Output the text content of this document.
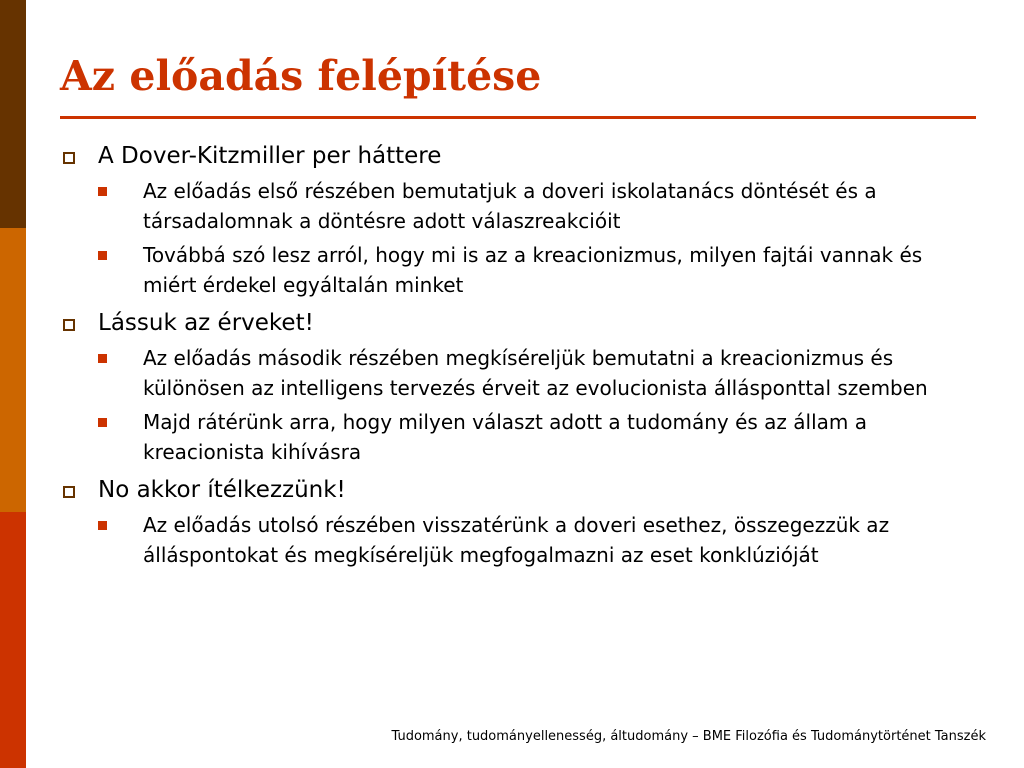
Az előadás felépítése
A Dover-Kitzmiller per háttere
Az előadás első részében bemutatjuk a doveri iskolatanács döntését és a társadalomnak a döntésre adott válaszreakcióit
Továbbá szó lesz arról, hogy mi is az a kreacionizmus, milyen fajtái vannak és miért érdekel egyáltalán minket
Lássuk az érveket!
Az előadás második részében megkíséreljük bemutatni a kreacionizmus és különösen az intelligens tervezés érveit az evolucionista állásponttal szemben
Majd rátérünk arra, hogy milyen választ adott a tudomány és az állam a kreacionista kihívásra
No akkor ítélkezzünk!
Az előadás utolsó részében visszatérünk a doveri esethez, összegezzük az álláspontokat és megkíséreljük megfogalmazni az eset konklúzióját
Tudomány, tudományellenesség, áltudomány – BME Filozófia és Tudománytörténet Tanszék
